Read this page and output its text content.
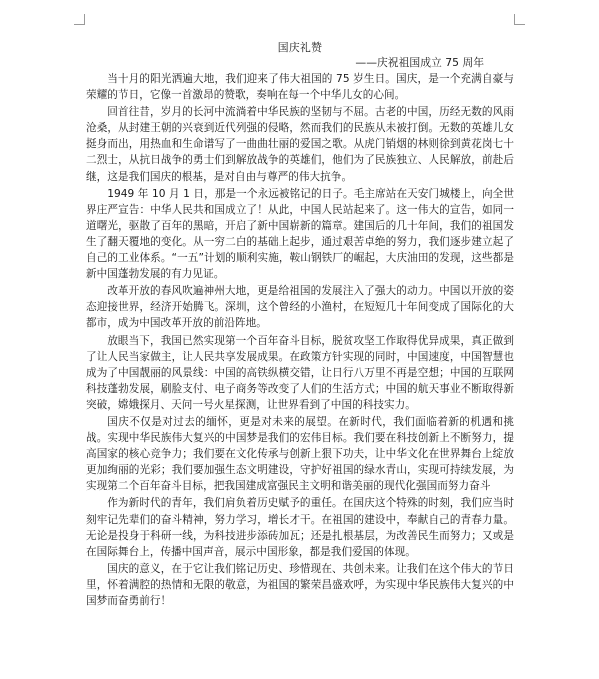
国庆礼赞

——庆祝祖国成立 75 周年

当十月的阳光洒遍大地，我们迎来了伟大祖国的 75 岁生日。国庆，是一个充满自豪与荣耀的节日，它像一首激昂的赞歌，奏响在每一个中华儿女的心间。

回首往昔，岁月的长河中流淌着中华民族的坚韧与不屈。古老的中国，历经无数的风雨沧桑，从封建王朝的兴衰到近代列强的侵略，然而我们的民族从未被打倒。无数的英雄儿女挺身而出，用热血和生命谱写了一曲曲壮丽的爱国之歌。从虎门销烟的林则徐到黄花岗七十二烈士，从抗日战争的勇士们到解放战争的英雄们，他们为了民族独立、人民解放，前赴后继，这是我们国庆的根基，是对自由与尊严的伟大抗争。

1949 年 10 月 1 日，那是一个永远被铭记的日子。毛主席站在天安门城楼上，向全世界庄严宣告：中华人民共和国成立了！从此，中国人民站起来了。这一伟大的宣告，如同一道曙光，驱散了百年的黑暗，开启了新中国崭新的篇章。建国后的几十年间，我们的祖国发生了翻天覆地的变化。从一穷二白的基础上起步，通过艰苦卓绝的努力，我们逐步建立起了自己的工业体系。“一五”计划的顺利实施，鞍山钢铁厂的崛起，大庆油田的发现，这些都是新中国蓬勃发展的有力见证。

改革开放的春风吹遍神州大地，更是给祖国的发展注入了强大的动力。中国以开放的姿态迎接世界，经济开始腾飞。深圳，这个曾经的小渔村，在短短几十年间变成了国际化的大都市，成为中国改革开放的前沿阵地。

放眼当下，我国已然实现第一个百年奋斗目标，脱贫攻坚工作取得优异成果，真正做到了让人民当家做主，让人民共享发展成果。在政策方针实现的同时，中国速度，中国智慧也成为了中国靓丽的风景线：中国的高铁纵横交错，让日行八万里不再是空想；中国的互联网科技蓬勃发展，刷脸支付、电子商务等改变了人们的生活方式；中国的航天事业不断取得新突破，嫦娥探月、天问一号火星探测，让世界看到了中国的科技实力。

国庆不仅是对过去的缅怀，更是对未来的展望。在新时代，我们面临着新的机遇和挑战。实现中华民族伟大复兴的中国梦是我们的宏伟目标。我们要在科技创新上不断努力，提高国家的核心竞争力；我们要在文化传承与创新上狠下功夫，让中华文化在世界舞台上绽放更加绚丽的光彩；我们要加强生态文明建设，守护好祖国的绿水青山，实现可持续发展，为实现第二个百年奋斗目标，把我国建成富强民主文明和谐美丽的现代化强国而努力奋斗

作为新时代的青年，我们肩负着历史赋予的重任。在国庆这个特殊的时刻，我们应当时刻牢记先辈们的奋斗精神，努力学习，增长才干。在祖国的建设中，奉献自己的青春力量。无论是投身于科研一线，为科技进步添砖加瓦；还是扎根基层，为改善民生而努力；又或是在国际舞台上，传播中国声音，展示中国形象，都是我们爱国的体现。

国庆的意义，在于它让我们铭记历史、珍惜现在、共创未来。让我们在这个伟大的节日里，怀着满腔的热情和无限的敬意，为祖国的繁荣昌盛欢呼，为实现中华民族伟大复兴的中国梦而奋勇前行！
